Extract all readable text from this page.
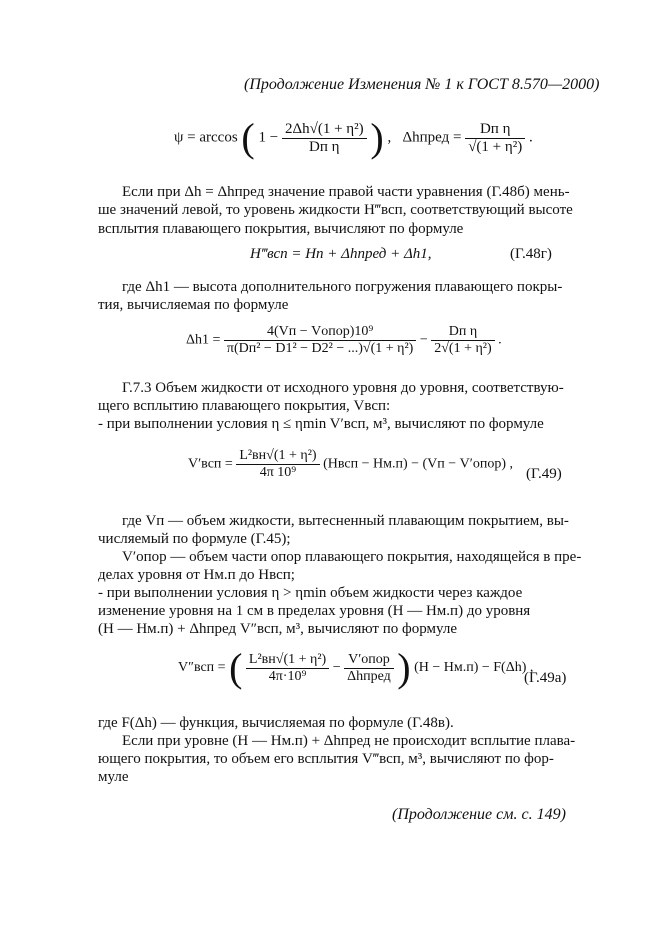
(Продолжение Изменения № 1 к ГОСТ 8.570—2000)
ψ = arccos ( $1 - \frac{\text{2Δh√(1 + η²)}}{\text{Dп η}}$ ) , Δhпред = $\frac{\text{Dп η}}{\text{√(1 + η²)}}$ .
Если при Δh = Δhпред значение правой части уравнения (Г.48б) мень-
ше значений левой, то уровень жидкости H‴всп, соответствующий высоте
всплытия плавающего покрытия, вычисляют по формуле
H‴всп = Hп + Δhпред + Δh1,	(Г.48г)
где Δh1 — высота дополнительного погружения плавающего покры-
тия, вычисляемая по формуле
$\Delta h1 = \frac{\text{4(Vп − Vопор)10⁹}}{\text{π(Dп² − D1² − D2² − ...)√(1 + η²)}} - \frac{\text{Dп η}}{\text{2√(1 + η²)}}$ .
Г.7.3 Объем жидкости от исходного уровня до уровня, соответствую-
щего всплытию плавающего покрытия, Vвсп:
- при выполнении условия η ≤ ηmin V′всп, м³, вычисляют по формуле
$V'всп = \frac{\text{L²вн√(1 + η²)}}{\text{4π 10⁹}}$ (Hвсп − Hм.п) − (Vп − V′опор) ,
(Г.49)
где Vп — объем жидкости, вытесненный плавающим покрытием, вы-
числяемый по формуле (Г.45);
V′опор — объем части опор плавающего покрытия, находящейся в пре-
делах уровня от Hм.п до Hвсп;
- при выполнении условия η > ηmin объем жидкости через каждое
изменение уровня на 1 см в пределах уровня (H — Hм.п) до уровня
(H — Hм.п) + Δhпред V″всп, м³, вычисляют по формуле
V″всп = ( $\frac{\text{L²вн√(1 + η²)}}{\text{4π·10⁹}} - \frac{\text{V′опор}}{\text{Δhпред}}$ ) (H − Hм.п) − F(Δh) ,
(Г.49а)
где F(Δh) — функция, вычисляемая по формуле (Г.48в).
Если при уровне (H — Hм.п) + Δhпред не происходит всплытие плава-
ющего покрытия, то объем его всплытия V‴всп, м³, вычисляют по фор-
муле
(Продолжение см. с. 149)
